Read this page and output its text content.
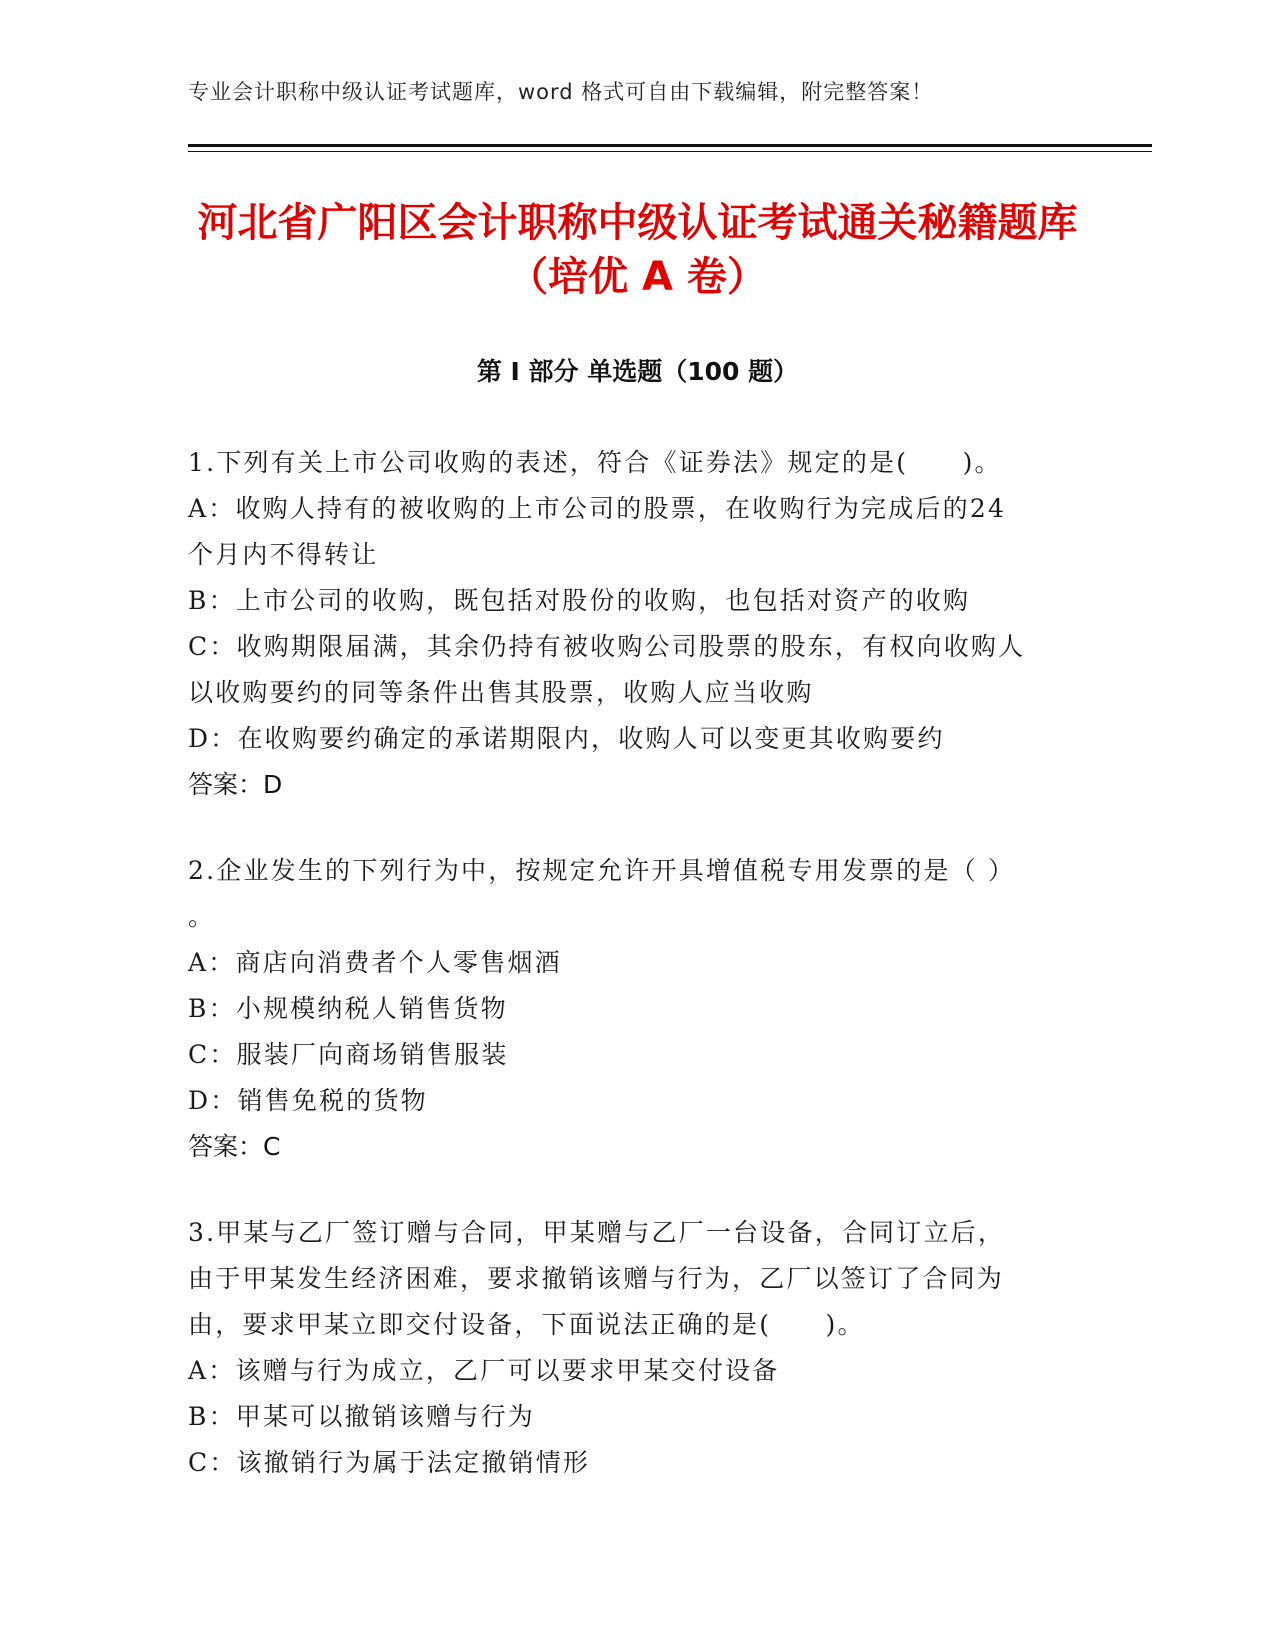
专业会计职称中级认证考试题库，word 格式可自由下载编辑，附完整答案！
河北省广阳区会计职称中级认证考试通关秘籍题库（培优 A 卷）
第 I 部分 单选题（100 题）
1.下列有关上市公司收购的表述，符合《证券法》规定的是(　　)。
A：收购人持有的被收购的上市公司的股票，在收购行为完成后的24
个月内不得转让
B：上市公司的收购，既包括对股份的收购，也包括对资产的收购
C：收购期限届满，其余仍持有被收购公司股票的股东，有权向收购人
以收购要约的同等条件出售其股票，收购人应当收购
D：在收购要约确定的承诺期限内，收购人可以变更其收购要约
答案：D
2.企业发生的下列行为中，按规定允许开具增值税专用发票的是（ ）
。
A：商店向消费者个人零售烟酒
B：小规模纳税人销售货物
C：服装厂向商场销售服装
D：销售免税的货物
答案：C
3.甲某与乙厂签订赠与合同，甲某赠与乙厂一台设备，合同订立后，
由于甲某发生经济困难，要求撤销该赠与行为，乙厂以签订了合同为
由，要求甲某立即交付设备，下面说法正确的是(　　)。
A：该赠与行为成立，乙厂可以要求甲某交付设备
B：甲某可以撤销该赠与行为
C：该撤销行为属于法定撤销情形
